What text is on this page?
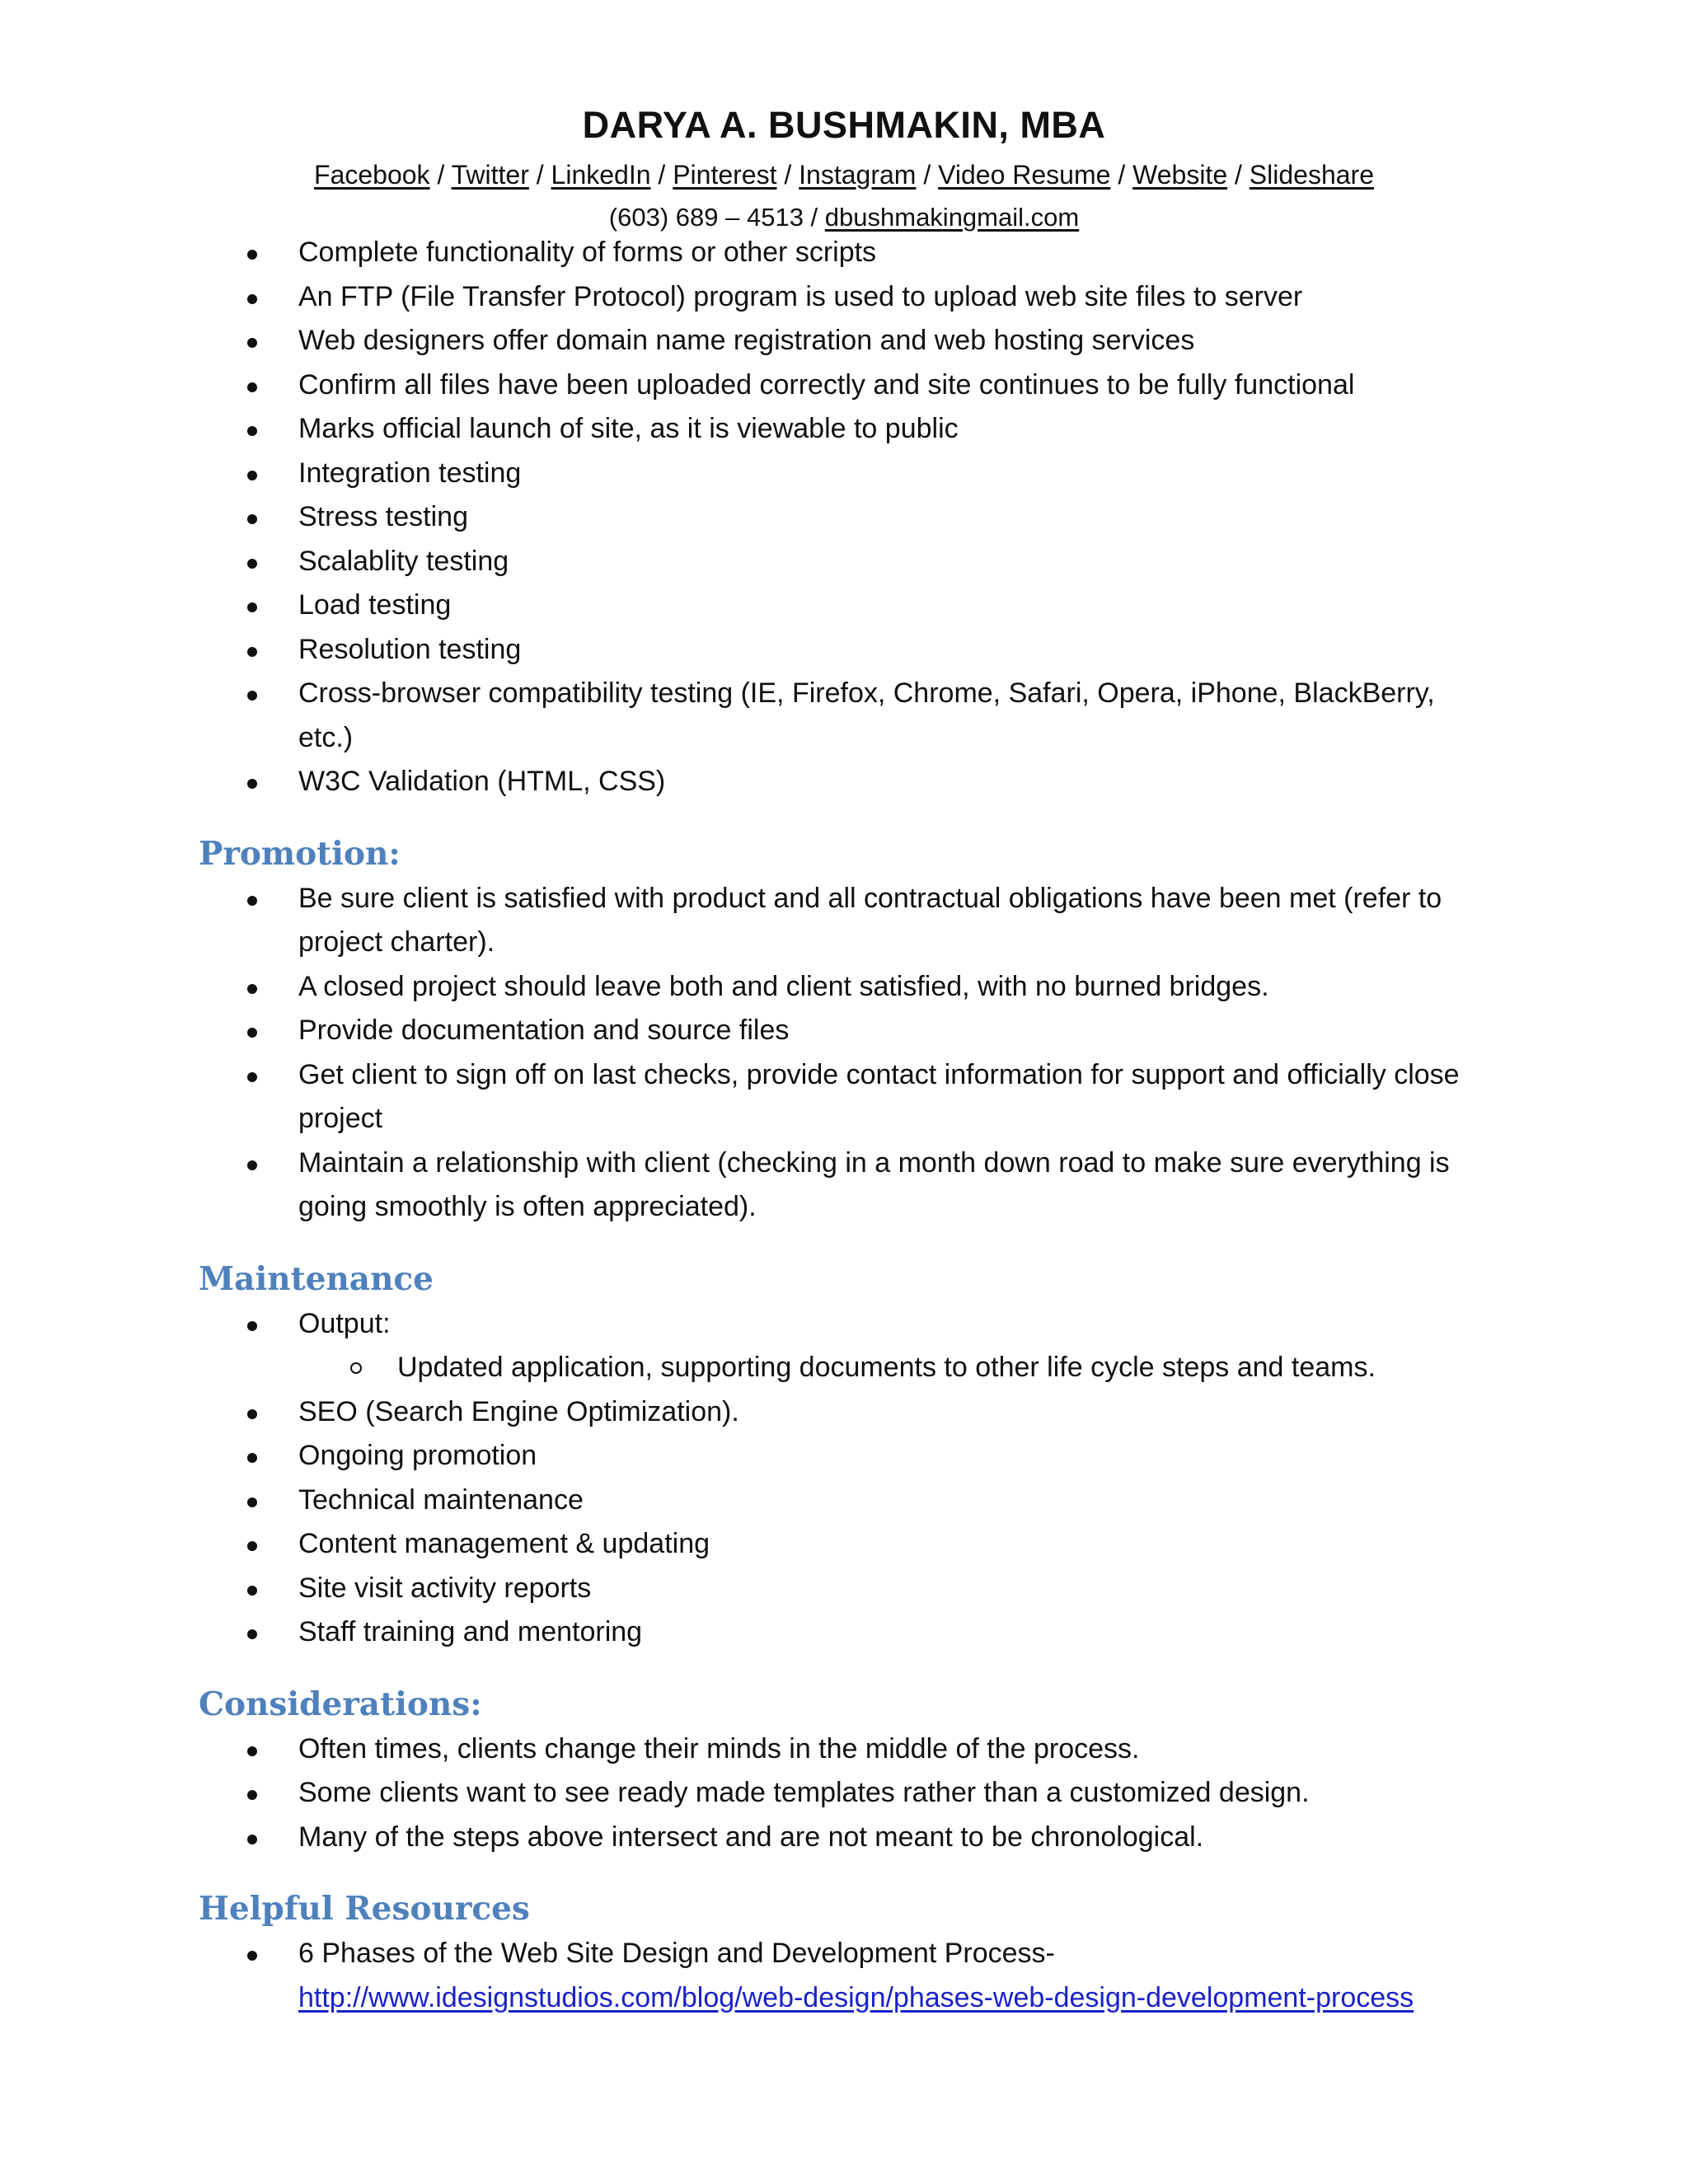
DARYA A. BUSHMAKIN, MBA
Facebook / Twitter / LinkedIn / Pinterest / Instagram / Video Resume / Website / Slideshare
(603) 689 – 4513 / dbushmakingmail.com
Complete functionality of forms or other scripts
An FTP (File Transfer Protocol) program is used to upload web site files to server
Web designers offer domain name registration and web hosting services
Confirm all files have been uploaded correctly and site continues to be fully functional
Marks official launch of site, as it is viewable to public
Integration testing
Stress testing
Scalablity testing
Load testing
Resolution testing
Cross-browser compatibility testing (IE, Firefox, Chrome, Safari, Opera, iPhone, BlackBerry, etc.)
W3C Validation (HTML, CSS)
Promotion:
Be sure client is satisfied with product and all contractual obligations have been met (refer to project charter).
A closed project should leave both and client satisfied, with no burned bridges.
Provide documentation and source files
Get client to sign off on last checks, provide contact information for support and officially close project
Maintain a relationship with client (checking in a month down road to make sure everything is going smoothly is often appreciated).
Maintenance
Output:
Updated application, supporting documents to other life cycle steps and teams.
SEO (Search Engine Optimization).
Ongoing promotion
Technical maintenance
Content management & updating
Site visit activity reports
Staff training and mentoring
Considerations:
Often times, clients change their minds in the middle of the process.
Some clients want to see ready made templates rather than a customized design.
Many of the steps above intersect and are not meant to be chronological.
Helpful Resources
6 Phases of the Web Site Design and Development Process-
http://www.idesignstudios.com/blog/web-design/phases-web-design-development-process
